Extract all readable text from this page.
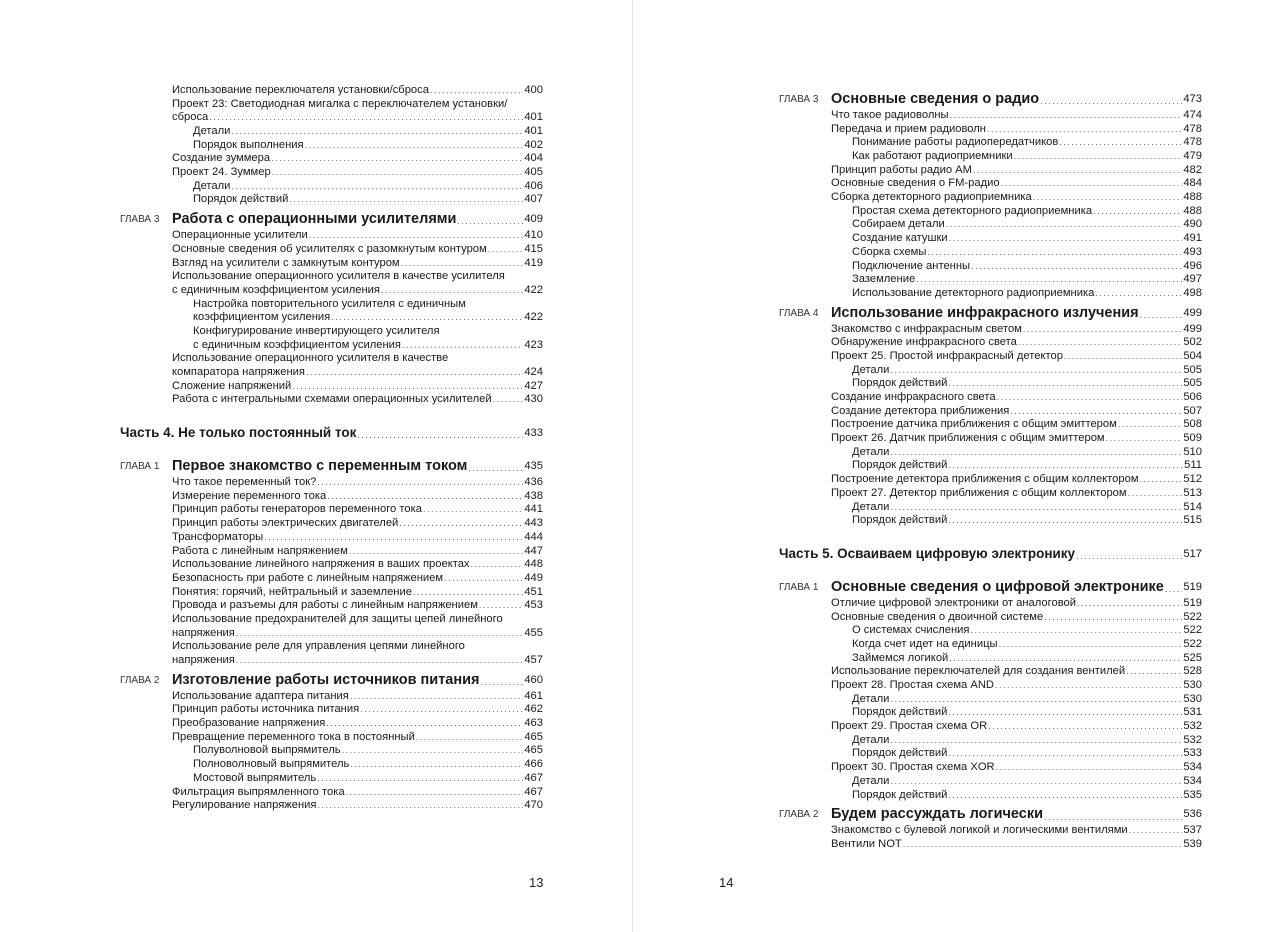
Использование переключателя установки/сброса .....	400
Проект 23: Светодиодная мигалка с переключателем установки/
сброса .....	401
Детали .....	401
Порядок выполнения .....	402
Создание зуммера .....	404
Проект 24. Зуммер .....	405
Детали .....	406
Порядок действий .....	407
ГЛАВА 3 Работа с операционными усилителями .....	409
Операционные усилители .....	410
Основные сведения об усилителях с разомкнутым контуром .....	415
Взгляд на усилители с замкнутым контуром .....	419
Использование операционного усилителя в качестве усилителя
с единичным коэффициентом усиления .....	422
Настройка повторительного усилителя с единичным
коэффициентом усиления .....	422
Конфигурирование инвертирующего усилителя
с единичным коэффициентом усиления .....	423
Использование операционного усилителя в качестве
компаратора напряжения .....	424
Сложение напряжений .....	427
Работа с интегральными схемами операционных усилителей .....	430
Часть 4. Не только постоянный ток .....	433
ГЛАВА 1 Первое знакомство с переменным током .....	435
Что такое переменный ток? .....	436
Измерение переменного тока .....	438
Принцип работы генераторов переменного тока .....	441
Принцип работы электрических двигателей .....	443
Трансформаторы .....	444
Работа с линейным напряжением .....	447
Использование линейного напряжения в ваших проектах .....	448
Безопасность при работе с линейным напряжением .....	449
Понятия: горячий, нейтральный и заземление .....	451
Провода и разъемы для работы с линейным напряжением .....	453
Использование предохранителей для защиты цепей линейного
напряжения .....	455
Использование реле для управления цепями линейного
напряжения .....	457
ГЛАВА 2 Изготовление работы источников питания .....	460
Использование адаптера питания .....	461
Принцип работы источника питания .....	462
Преобразование напряжения .....	463
Превращение переменного тока в постоянный .....	465
Полуволновой выпрямитель .....	465
Полноволновый выпрямитель .....	466
Мостовой выпрямитель .....	467
Фильтрация выпрямленного тока .....	467
Регулирование напряжения .....	470
13
ГЛАВА 3 Основные сведения о радио .....	473
Что такое радиоволны .....	474
Передача и прием радиоволн .....	478
Понимание работы радиопередатчиков .....	478
Как работают радиоприемники .....	479
Принцип работы радио AM .....	482
Основные сведения о FM-радио .....	484
Сборка детекторного радиоприемника .....	488
Простая схема детекторного радиоприемника .....	488
Собираем детали .....	490
Создание катушки .....	491
Сборка схемы .....	493
Подключение антенны .....	496
Заземление .....	497
Использование детекторного радиоприемника .....	498
ГЛАВА 4 Использование инфракрасного излучения .....	499
Знакомство с инфракрасным светом .....	499
Обнаружение инфракрасного света .....	502
Проект 25. Простой инфракрасный детектор .....	504
Детали .....	505
Порядок действий .....	505
Создание инфракрасного света .....	506
Создание детектора приближения .....	507
Построение датчика приближения с общим эмиттером .....	508
Проект 26. Датчик приближения с общим эмиттером .....	509
Детали .....	510
Порядок действий .....	511
Построение детектора приближения с общим коллектором .....	512
Проект 27. Детектор приближения с общим коллектором .....	513
Детали .....	514
Порядок действий .....	515
Часть 5. Осваиваем цифровую электронику .....	517
ГЛАВА 1 Основные сведения о цифровой электронике ..... 519
Отличие цифровой электроники от аналоговой .....	519
Основные сведения о двоичной системе .....	522
О системах счисления .....	522
Когда счет идет на единицы .....	522
Займемся логикой .....	525
Использование переключателей для создания вентилей .....	528
Проект 28. Простая схема AND .....	530
Детали .....	530
Порядок действий .....	531
Проект 29. Простая схема OR .....	532
Детали .....	532
Порядок действий .....	533
Проект 30. Простая схема XOR .....	534
Детали .....	534
Порядок действий .....	535
ГЛАВА 2 Будем рассуждать логически .....	536
Знакомство с булевой логикой и логическими вентилями .....	537
Вентили NOT .....	539
14
